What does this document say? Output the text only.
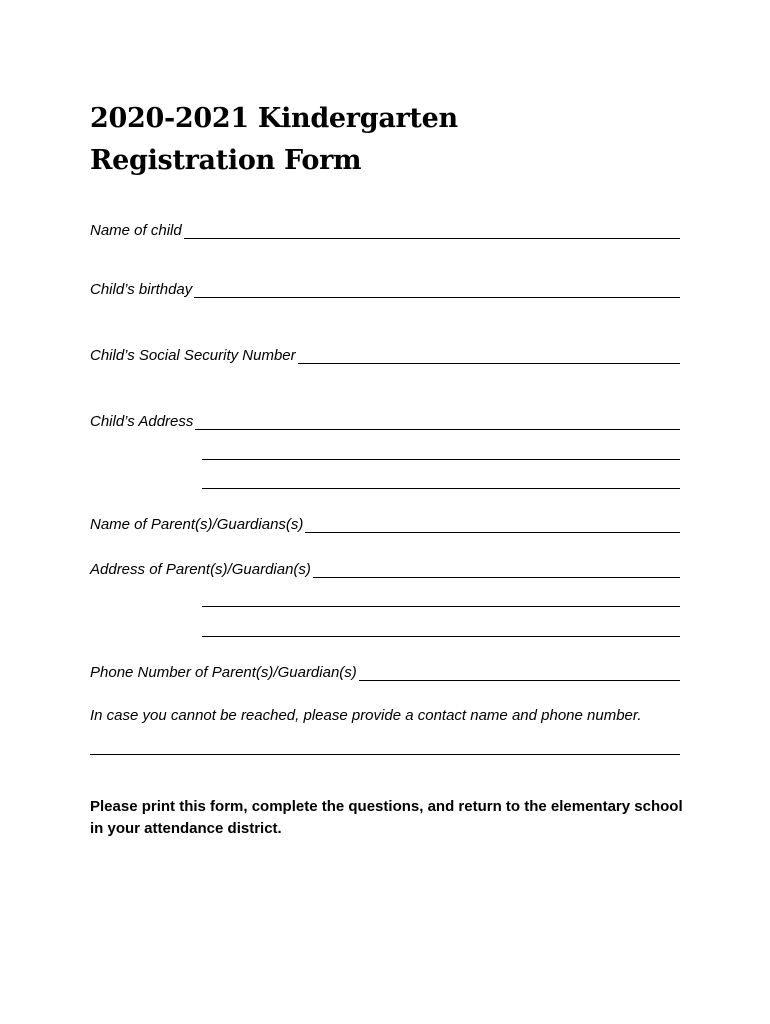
2020-2021 Kindergarten
Registration Form
Name of child
Child’s birthday
Child’s Social Security Number
Child’s Address
Name of Parent(s)/Guardians(s)
Address of Parent(s)/Guardian(s)
Phone Number of Parent(s)/Guardian(s)
In case you cannot be reached, please provide a contact name and phone number.
Please print this form, complete the questions, and return to the elementary school in your attendance district.
